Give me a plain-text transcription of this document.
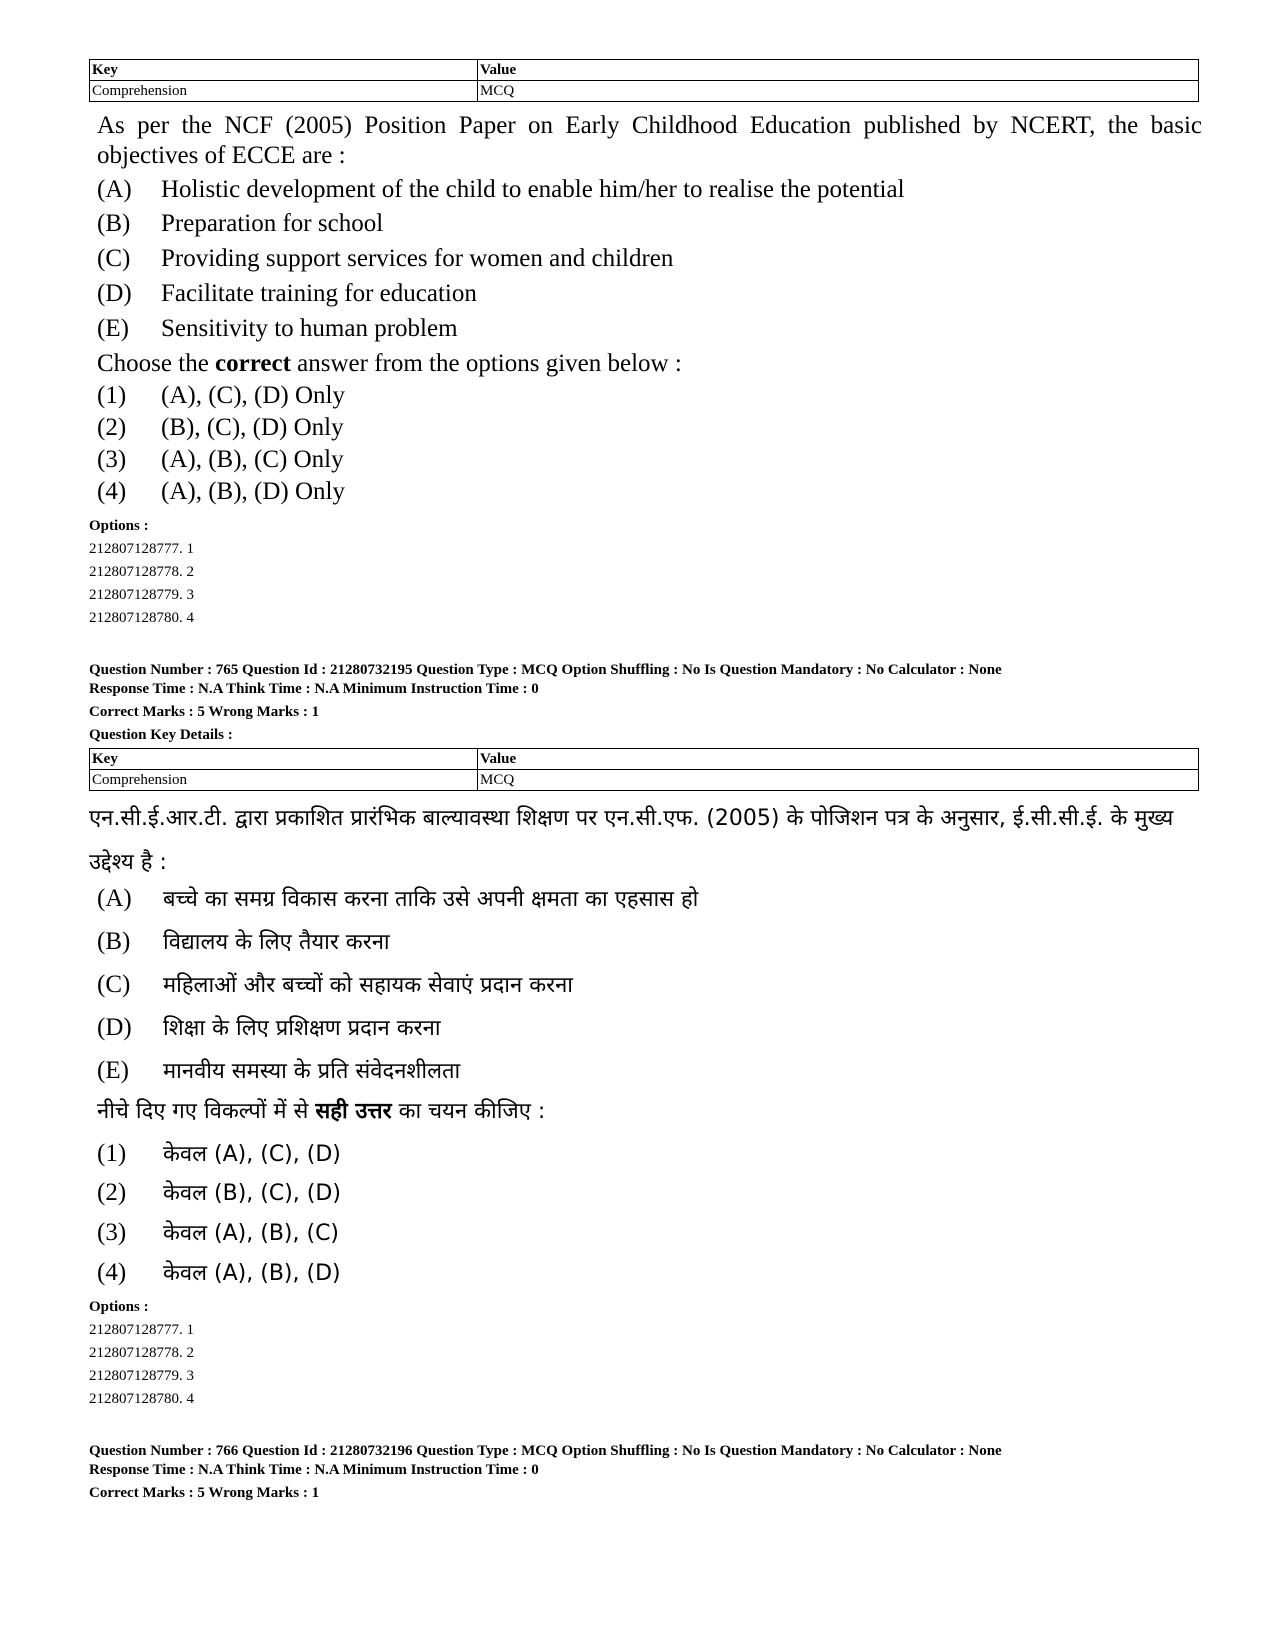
Key	Value
Comprehension	MCQ
As per the NCF (2005) Position Paper on Early Childhood Education published by NCERT, the basic objectives of ECCE are :
(A) Holistic development of the child to enable him/her to realise the potential
(B) Preparation for school
(C) Providing support services for women and children
(D) Facilitate training for education
(E) Sensitivity to human problem
Choose the correct answer from the options given below :
(1) (A), (C), (D) Only
(2) (B), (C), (D) Only
(3) (A), (B), (C) Only
(4) (A), (B), (D) Only
Options :
212807128777. 1
212807128778. 2
212807128779. 3
212807128780. 4
Question Number : 765 Question Id : 21280732195 Question Type : MCQ Option Shuffling : No Is Question Mandatory : No Calculator : None
Response Time : N.A Think Time : N.A Minimum Instruction Time : 0
Correct Marks : 5 Wrong Marks : 1
Question Key Details :
Key	Value
Comprehension	MCQ
एन.सी.ई.आर.टी. द्वारा प्रकाशित प्रारंभिक बाल्यावस्था शिक्षण पर एन.सी.एफ. (2005) के पोजिशन पत्र के अनुसार, ई.सी.सी.ई. के मुख्य उद्देश्य है :
(A) बच्चे का समग्र विकास करना ताकि उसे अपनी क्षमता का एहसास हो
(B) विद्यालय के लिए तैयार करना
(C) महिलाओं और बच्चों को सहायक सेवाएं प्रदान करना
(D) शिक्षा के लिए प्रशिक्षण प्रदान करना
(E) मानवीय समस्या के प्रति संवेदनशीलता
नीचे दिए गए विकल्पों में से सही उत्तर का चयन कीजिए :
(1) केवल (A), (C), (D)
(2) केवल (B), (C), (D)
(3) केवल (A), (B), (C)
(4) केवल (A), (B), (D)
Options :
212807128777. 1
212807128778. 2
212807128779. 3
212807128780. 4
Question Number : 766 Question Id : 21280732196 Question Type : MCQ Option Shuffling : No Is Question Mandatory : No Calculator : None
Response Time : N.A Think Time : N.A Minimum Instruction Time : 0
Correct Marks : 5 Wrong Marks : 1
